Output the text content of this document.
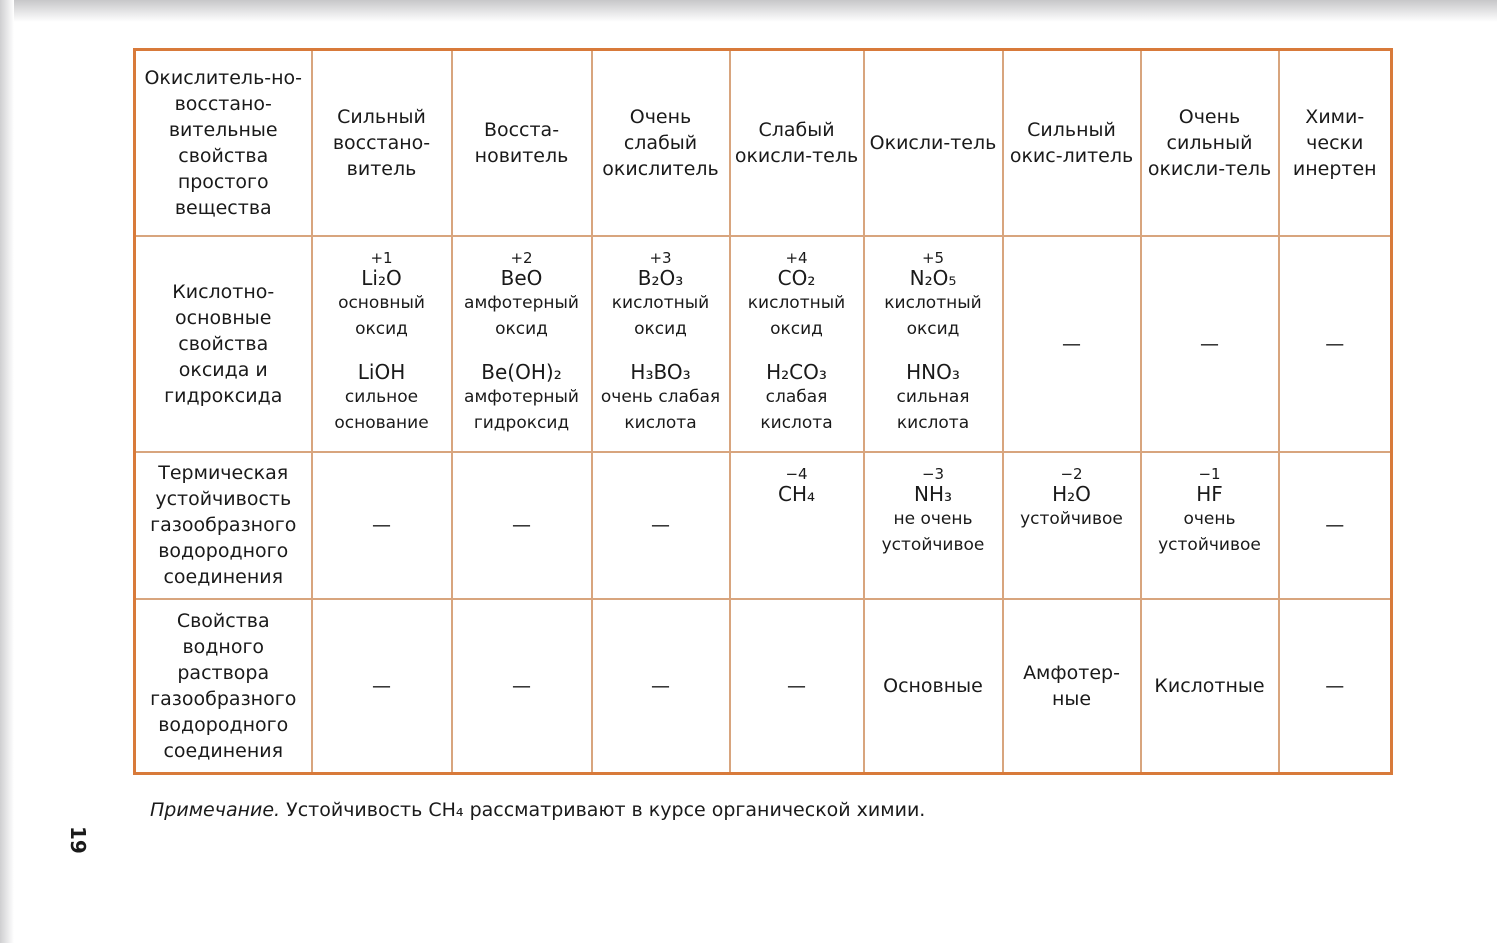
Окислитель-но-восстано-вительные свойства простого вещества	Сильный восстано-витель	Восста-новитель	Очень слабый окислитель	Слабый окисли-тель	Окисли-тель	Сильный окис-литель	Очень сильный окисли-тель	Хими-чески инертен
Кислотно-основные свойства оксида и гидроксида	+1
Li₂O
основный оксид
LiOH
сильное основание	+2
BeO
амфотерный оксид
Be(OH)₂
амфотерный гидроксид	+3
B₂O₃
кислотный оксид
H₃BO₃
очень слабая кислота	+4
CO₂
кислотный оксид
H₂CO₃
слабая кислота	+5
N₂O₅
кислотный оксид
HNO₃
сильная кислота	—	—	—
Термическая устойчивость газообразного водородного соединения	—	—	—	−4
CH₄	−3
NH₃
не очень устойчивое	−2
H₂O
устойчивое	−1
HF
очень устойчивое	—
Свойства водного раствора газообразного водородного соединения	—	—	—	—	Основные	Амфотер-ные	Кислотные	—
Примечание. Устойчивость CH₄ рассматривают в курсе органической химии.
19
